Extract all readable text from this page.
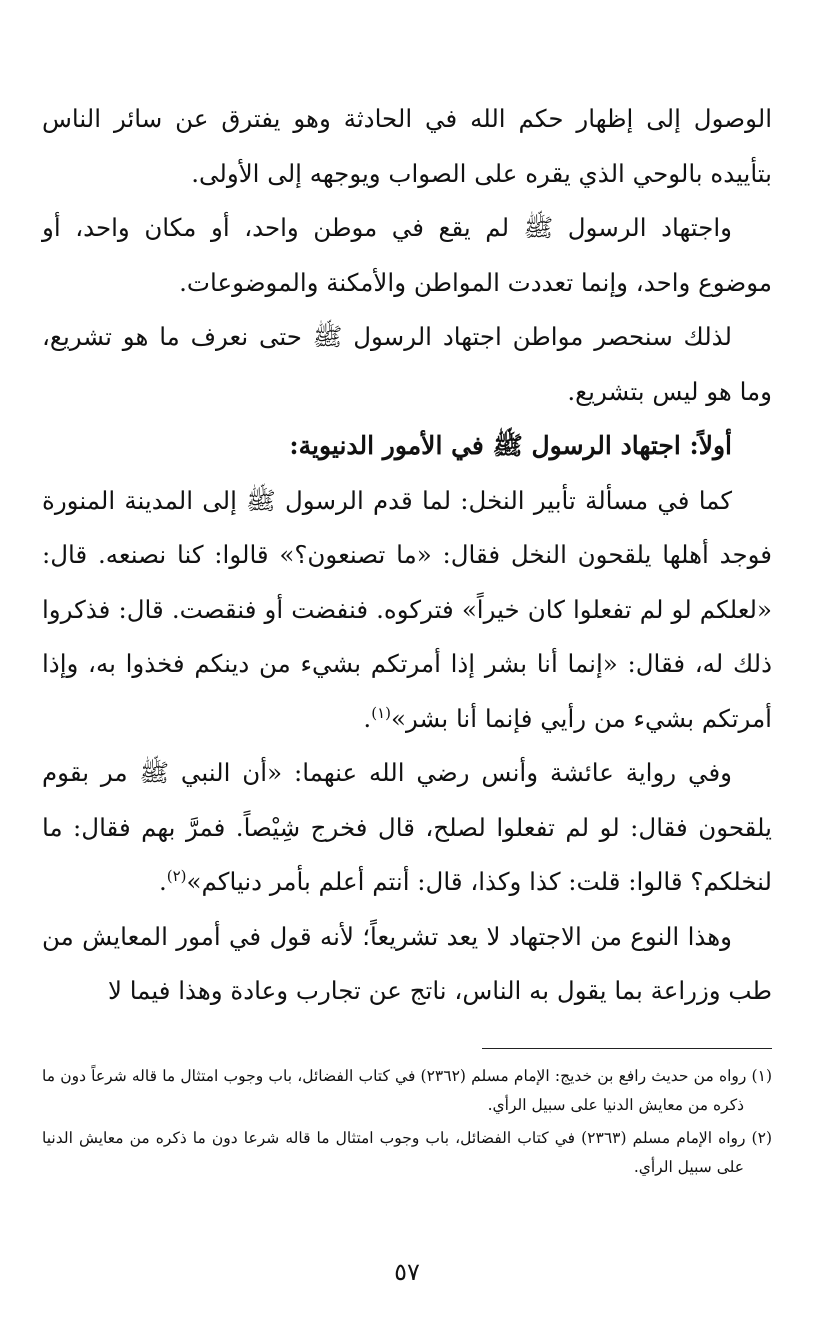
الوصول إلى إظهار حكم الله في الحادثة وهو يفترق عن سائر الناس بتأييده بالوحي الذي يقره على الصواب ويوجهه إلى الأولى.

واجتهاد الرسول ﷺ لم يقع في موطن واحد، أو مكان واحد، أو موضوع واحد، وإنما تعددت المواطن والأمكنة والموضوعات.

لذلك سنحصر مواطن اجتهاد الرسول ﷺ حتى نعرف ما هو تشريع، وما هو ليس بتشريع.

أولاً: اجتهاد الرسول ﷺ في الأمور الدنيوية:

كما في مسألة تأبير النخل: لما قدم الرسول ﷺ إلى المدينة المنورة فوجد أهلها يلقحون النخل فقال: «ما تصنعون؟» قالوا: كنا نصنعه. قال: «لعلكم لو لم تفعلوا كان خيراً» فتركوه. فنفضت أو فنقصت. قال: فذكروا ذلك له، فقال: «إنما أنا بشر إذا أمرتكم بشيء من دينكم فخذوا به، وإذا أمرتكم بشيء من رأيي فإنما أنا بشر»$^{(١)}$.

وفي رواية عائشة وأنس رضي الله عنهما: «أن النبي ﷺ مر بقوم يلقحون فقال: لو لم تفعلوا لصلح، قال فخرج شِيْصاً. فمرَّ بهم فقال: ما لنخلكم؟ قالوا: قلت: كذا وكذا، قال: أنتم أعلم بأمر دنياكم»$^{(٢)}$.

وهذا النوع من الاجتهاد لا يعد تشريعاً؛ لأنه قول في أمور المعايش من طب وزراعة بما يقول به الناس، ناتج عن تجارب وعادة وهذا فيما لا

(١) رواه من حديث رافع بن خديج: الإمام مسلم (٢٣٦٢) في كتاب الفضائل، باب وجوب امتثال ما قاله شرعاً دون ما ذكره من معايش الدنيا على سبيل الرأي.

(٢) رواه الإمام مسلم (٢٣٦٣) في كتاب الفضائل، باب وجوب امتثال ما قاله شرعا دون ما ذكره من معايش الدنيا على سبيل الرأي.

٥٧
